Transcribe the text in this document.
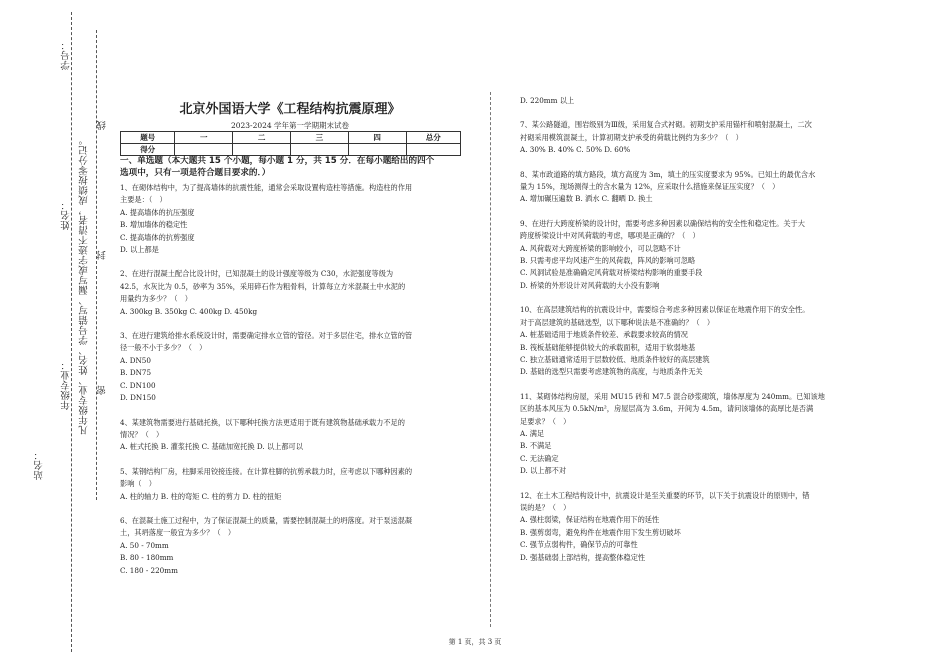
学号：
姓名：
年级专业：
站名：
凡年级专业、姓名、学号错写、漏写或字迹不清者，成绩按零分记。 密
封
线
北京外国语大学《工程结构抗震原理》
2023-2024 学年第一学期期末试卷
题号	一	二	三	四	总分
得分					
一、单选题（本大题共 15 个小题，每小题 1 分，共 15 分．在每小题给出的四个
选项中，只有一项是符合题目要求的．）
1、在砌体结构中，为了提高墙体的抗震性能，通常会采取设置构造柱等措施。构造柱的作用
主要是：（　）
A. 提高墙体的抗压强度
B. 增加墙体的稳定性
C. 提高墙体的抗剪强度
D. 以上都是
2、在进行混凝土配合比设计时，已知混凝土的设计强度等级为 C30，水泥强度等级为
42.5，水灰比为 0.5，砂率为 35%，采用碎石作为粗骨料，计算每立方米混凝土中水泥的
用量约为多少？（　）
A. 300kg B. 350kg C. 400kg D. 450kg
3、在进行建筑给排水系统设计时，需要确定排水立管的管径。对于多层住宅，排水立管的管
径一般不小于多少？（　）
A. DN50
B. DN75
C. DN100
D. DN150
4、某建筑物需要进行基础托换，以下哪种托换方法更适用于既有建筑物基础承载力不足的
情况？（　）
A. 桩式托换 B. 灌浆托换 C. 基础加宽托换 D. 以上都可以
5、某钢结构厂房，柱脚采用铰接连接。在计算柱脚的抗剪承载力时，应考虑以下哪种因素的
影响（　）
A. 柱的轴力 B. 柱的弯矩 C. 柱的剪力 D. 柱的扭矩
6、在混凝土施工过程中，为了保证混凝土的质量，需要控制混凝土的坍落度。对于泵送混凝
土，其坍落度一般宜为多少？（　）
A. 50 - 70mm
B. 80 - 180mm
C. 180 - 220mm
D. 220mm 以上
7、某公路隧道，围岩级别为Ⅲ级，采用复合式衬砌。初期支护采用锚杆和喷射混凝土，二次
衬砌采用模筑混凝土，计算初期支护承受的荷载比例约为多少？（　）
A. 30% B. 40% C. 50% D. 60%
8、某市政道路的填方路段，填方高度为 3m，填土的压实度要求为 95%。已知土的最优含水
量为 15%，现场测得土的含水量为 12%，应采取什么措施来保证压实度？（　）
A. 增加碾压遍数 B. 洒水 C. 翻晒 D. 换土
9、在进行大跨度桥梁的设计时，需要考虑多种因素以确保结构的安全性和稳定性。关于大
跨度桥梁设计中对风荷载的考虑，哪项是正确的？（　）
A. 风荷载对大跨度桥梁的影响较小，可以忽略不计
B. 只需考虑平均风速产生的风荷载，阵风的影响可忽略
C. 风洞试验是准确确定风荷载对桥梁结构影响的重要手段
D. 桥梁的外形设计对风荷载的大小没有影响
10、在高层建筑结构的抗震设计中，需要综合考虑多种因素以保证在地震作用下的安全性。
对于高层建筑的基础选型，以下哪种说法是不准确的？（　）
A. 桩基础适用于地质条件较差、承载要求较高的情况
B. 筏板基础能够提供较大的承载面积，适用于软弱地基
C. 独立基础通常适用于层数较低、地质条件较好的高层建筑
D. 基础的选型只需要考虑建筑物的高度，与地质条件无关
11、某砌体结构房屋，采用 MU15 砖和 M7.5 混合砂浆砌筑，墙体厚度为 240mm。已知该地
区的基本风压为 0.5kN/m²，房屋层高为 3.6m，开间为 4.5m，请问该墙体的高厚比是否满
足要求？（　）
A. 满足
B. 不满足
C. 无法确定
D. 以上都不对
12、在土木工程结构设计中，抗震设计是至关重要的环节，以下关于抗震设计的原则中，错
误的是？（　）
A. 强柱弱梁，保证结构在地震作用下的延性
B. 强剪弱弯，避免构件在地震作用下发生剪切破坏
C. 强节点弱构件，确保节点的可靠性
D. 强基础弱上部结构，提高整体稳定性
第 1 页，共 3 页
